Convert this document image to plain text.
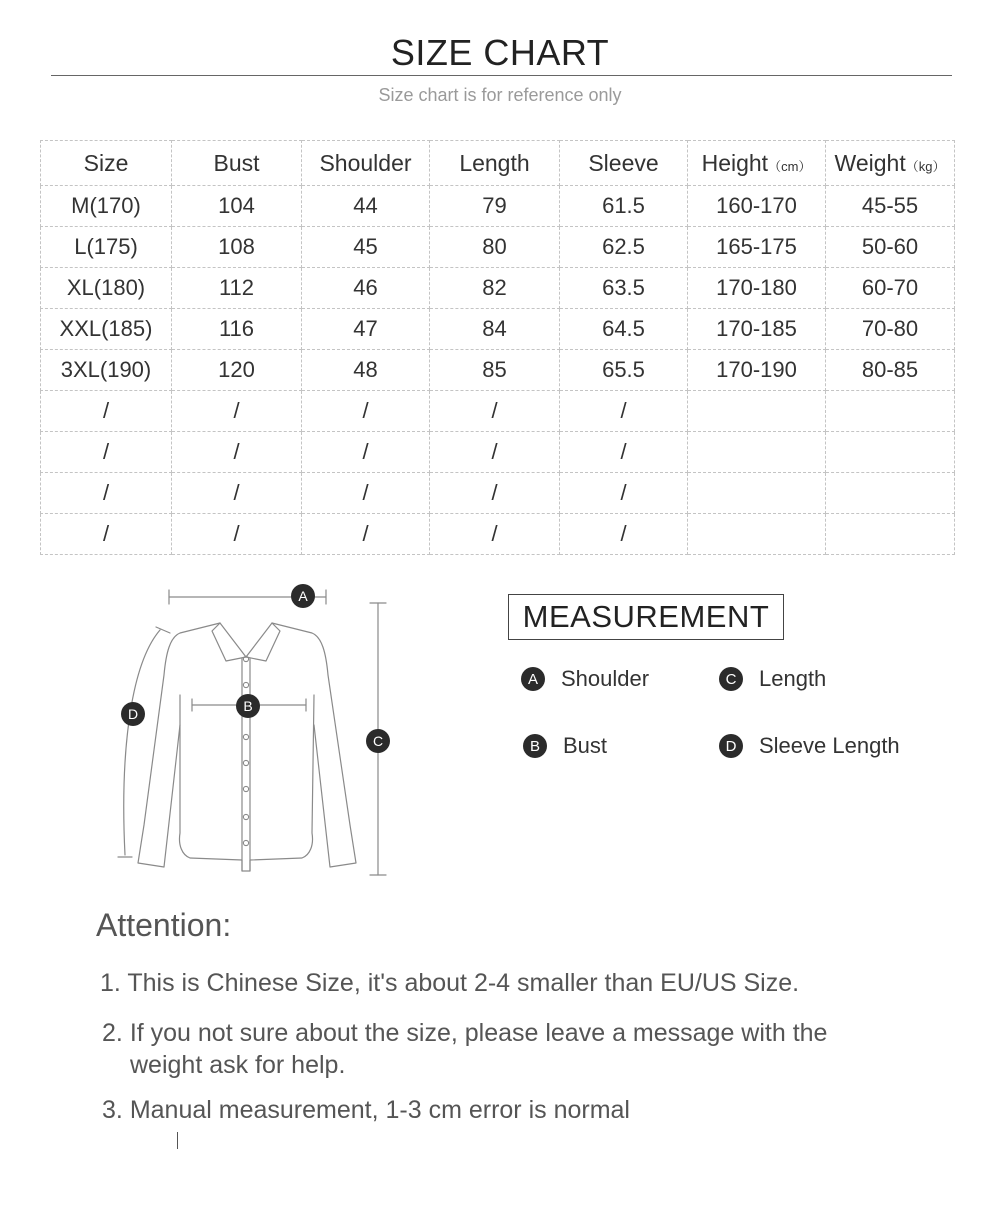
SIZE CHART
Size chart is for reference only
Size	Bust	Shoulder	Length	Sleeve	Height（cm）	Weight（kg）
M(170)	104	44	79	61.5	160-170	45-55
L(175)	108	45	80	62.5	165-175	50-60
XL(180)	112	46	82	63.5	170-180	60-70
XXL(185)	116	47	84	64.5	170-185	70-80
3XL(190)	120	48	85	65.5	170-190	80-85
/	/	/	/	/		
/	/	/	/	/		
/	/	/	/	/		
/	/	/	/	/		
A
B
C
D
MEASUREMENT
A	Shoulder	C Length
B	Bust	D Sleeve Length
Attention:
1. This is Chinese Size, it's about 2-4 smaller than EU/US Size.
2. If you not sure about the size, please leave a message with the
weight ask for help.
3. Manual measurement, 1-3 cm error is normal
